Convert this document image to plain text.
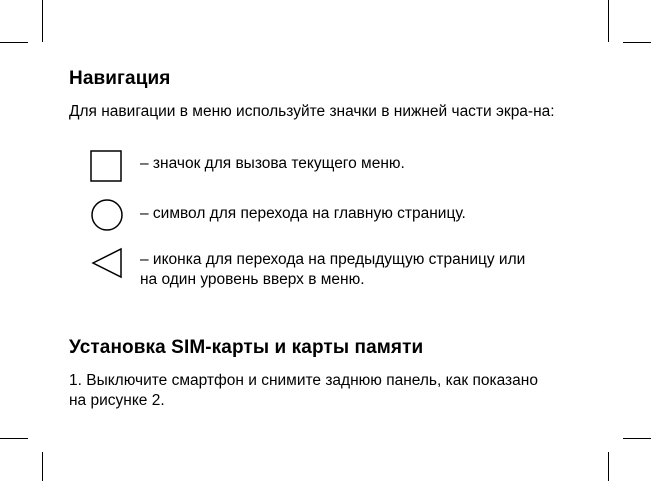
Навигация

Для навигации в меню используйте значки в нижней части экра-на:

– значок для вызова текущего меню.
– символ для перехода на главную страницу.
– иконка для перехода на предыдущую страницу или на один уровень вверх в меню.
Установка SIM-карты и карты памяти

1. Выключите смартфон и снимите заднюю панель, как показано на рисунке 2.
